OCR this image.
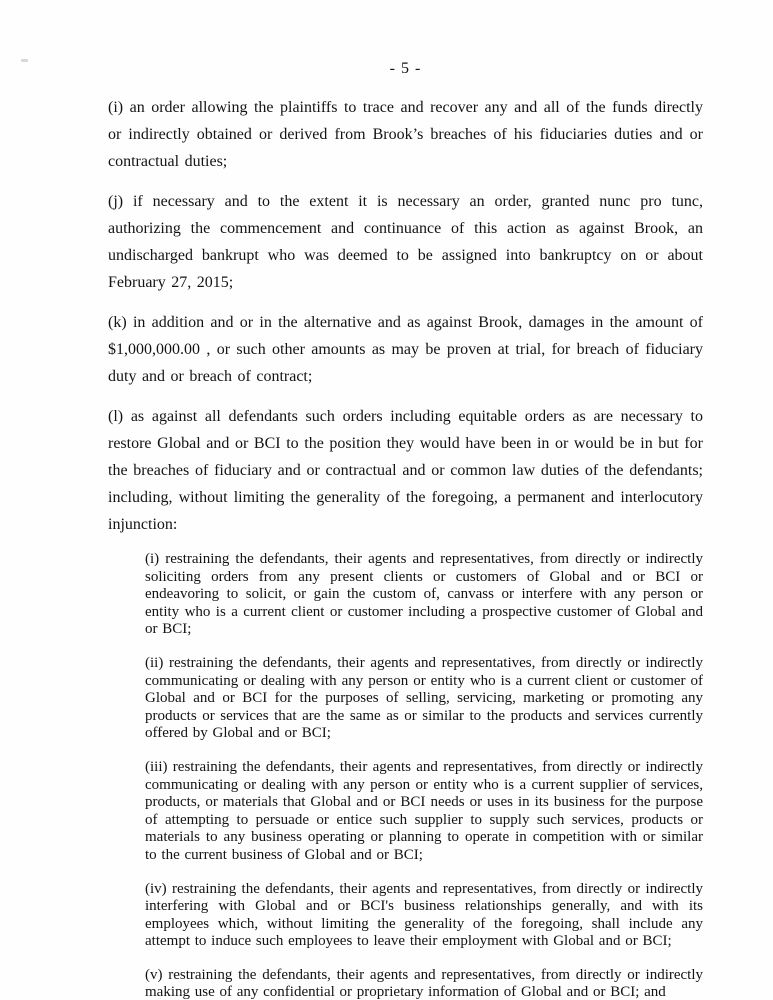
- 5 -

(i) an order allowing the plaintiffs to trace and recover any and all of the funds directly or indirectly obtained or derived from Brook’s breaches of his fiduciaries duties and or contractual duties;

(j) if necessary and to the extent it is necessary an order, granted nunc pro tunc, authorizing the commencement and continuance of this action as against Brook, an undischarged bankrupt who was deemed to be assigned into bankruptcy on or about February 27, 2015;

(k) in addition and or in the alternative and as against Brook, damages in the amount of $1,000,000.00 , or such other amounts as may be proven at trial, for breach of fiduciary duty and or breach of contract;

(l) as against all defendants such orders including equitable orders as are necessary to restore Global and or BCI to the position they would have been in or would be in but for the breaches of fiduciary and or contractual and or common law duties of the defendants; including, without limiting the generality of the foregoing, a permanent and interlocutory injunction:

(i) restraining the defendants, their agents and representatives, from directly or indirectly soliciting orders from any present clients or customers of Global and or BCI or endeavoring to solicit, or gain the custom of, canvass or interfere with any person or entity who is a current client or customer including a prospective customer of Global and or BCI;

(ii) restraining the defendants, their agents and representatives, from directly or indirectly communicating or dealing with any person or entity who is a current client or customer of Global and or BCI for the purposes of selling, servicing, marketing or promoting any products or services that are the same as or similar to the products and services currently offered by Global and or BCI;

(iii) restraining the defendants, their agents and representatives, from directly or indirectly communicating or dealing with any person or entity who is a current supplier of services, products, or materials that Global and or BCI needs or uses in its business for the purpose of attempting to persuade or entice such supplier to supply such services, products or materials to any business operating or planning to operate in competition with or similar to the current business of Global and or BCI;

(iv) restraining the defendants, their agents and representatives, from directly or indirectly interfering with Global and or BCI's business relationships generally, and with its employees which, without limiting the generality of the foregoing, shall include any attempt to induce such employees to leave their employment with Global and or BCI;

(v) restraining the defendants, their agents and representatives, from directly or indirectly making use of any confidential or proprietary information of Global and or BCI; and
